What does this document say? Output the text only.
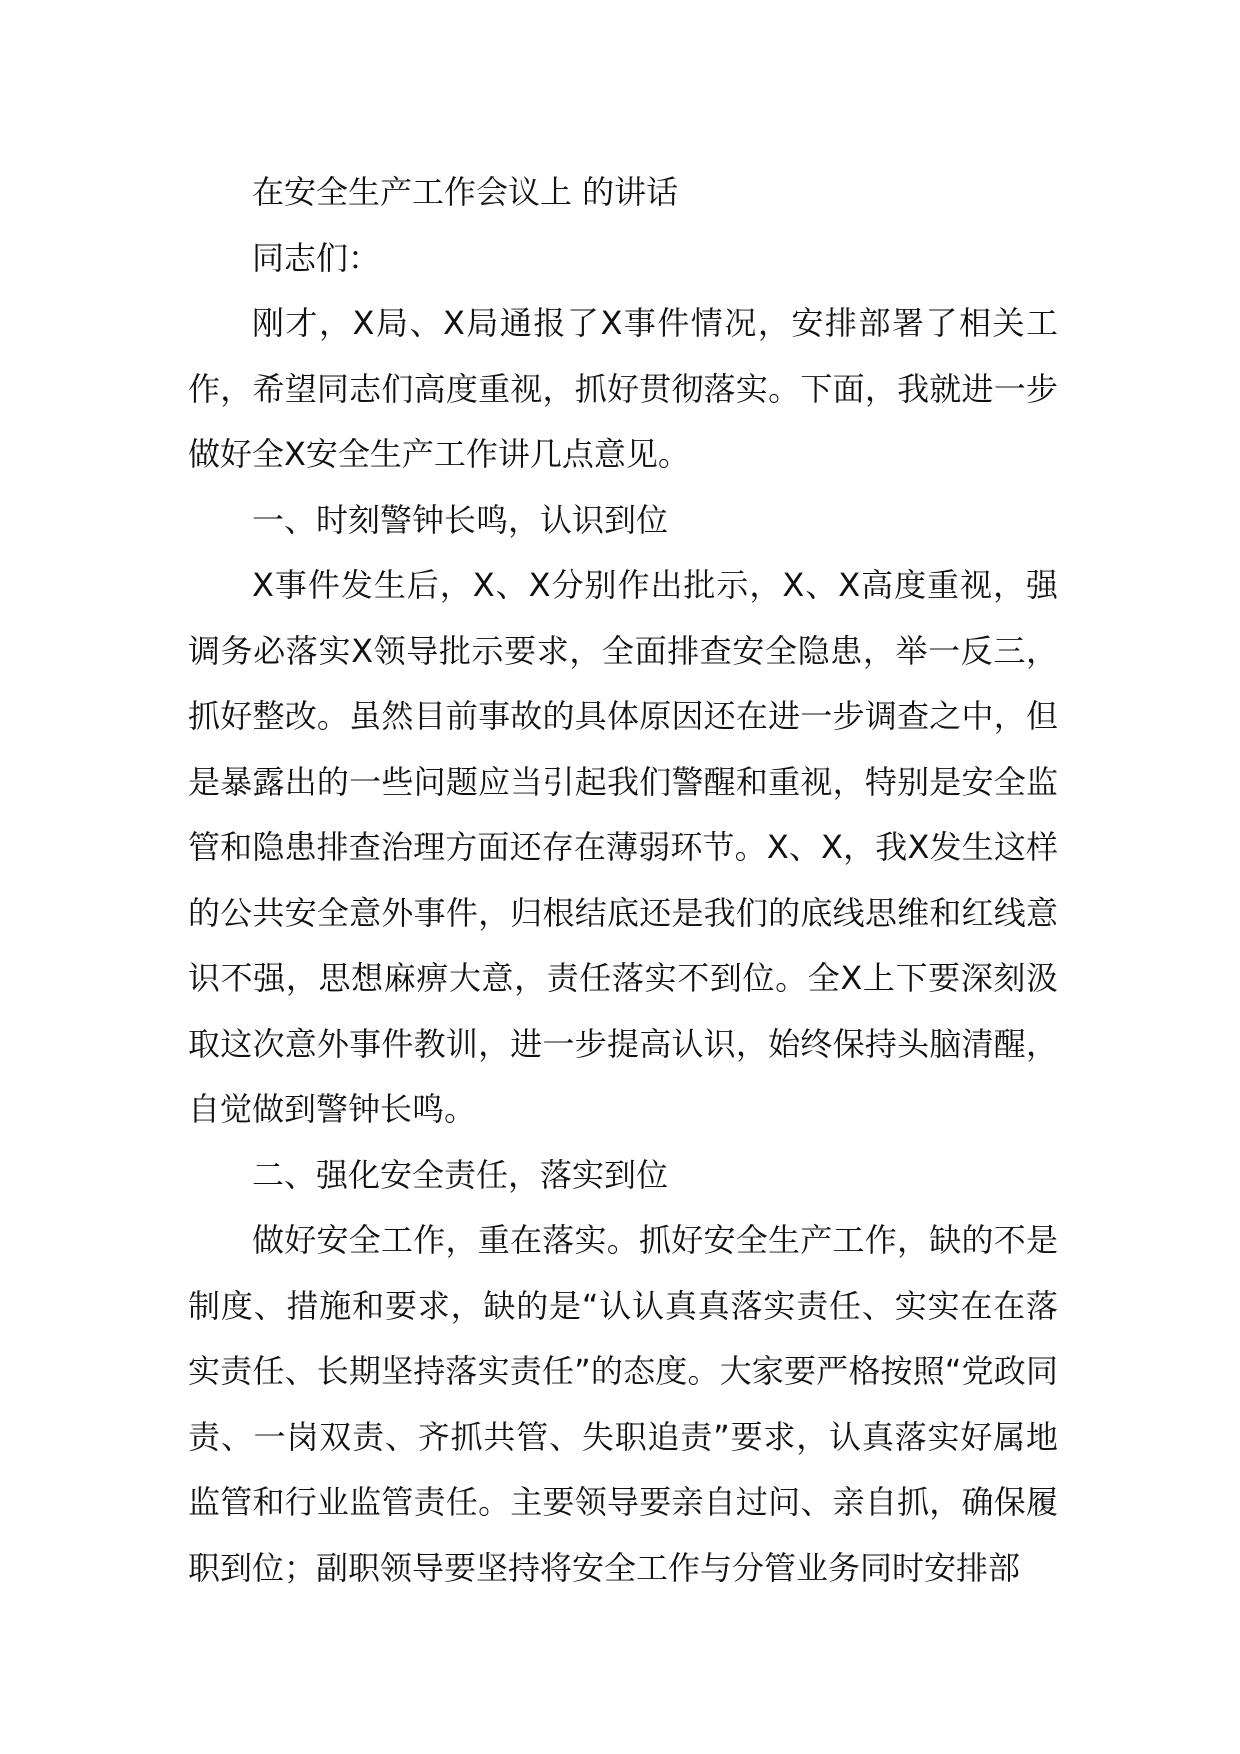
在安全生产工作会议上 的讲话

同志们：

刚才，X局、X局通报了X事件情况，安排部署了相关工作，希望同志们高度重视，抓好贯彻落实。下面，我就进一步做好全X安全生产工作讲几点意见。

一、时刻警钟长鸣，认识到位

X事件发生后，X、X分别作出批示，X、X高度重视，强调务必落实X领导批示要求，全面排查安全隐患，举一反三，抓好整改。虽然目前事故的具体原因还在进一步调查之中，但是暴露出的一些问题应当引起我们警醒和重视，特别是安全监管和隐患排查治理方面还存在薄弱环节。X、X，我X发生这样的公共安全意外事件，归根结底还是我们的底线思维和红线意识不强，思想麻痹大意，责任落实不到位。全X上下要深刻汲取这次意外事件教训，进一步提高认识，始终保持头脑清醒，自觉做到警钟长鸣。

二、强化安全责任，落实到位

做好安全工作，重在落实。抓好安全生产工作，缺的不是制度、措施和要求，缺的是“认认真真落实责任、实实在在落实责任、长期坚持落实责任”的态度。大家要严格按照“党政同责、一岗双责、齐抓共管、失职追责”要求，认真落实好属地监管和行业监管责任。主要领导要亲自过问、亲自抓，确保履职到位；副职领导要坚持将安全工作与分管业务同时安排部
